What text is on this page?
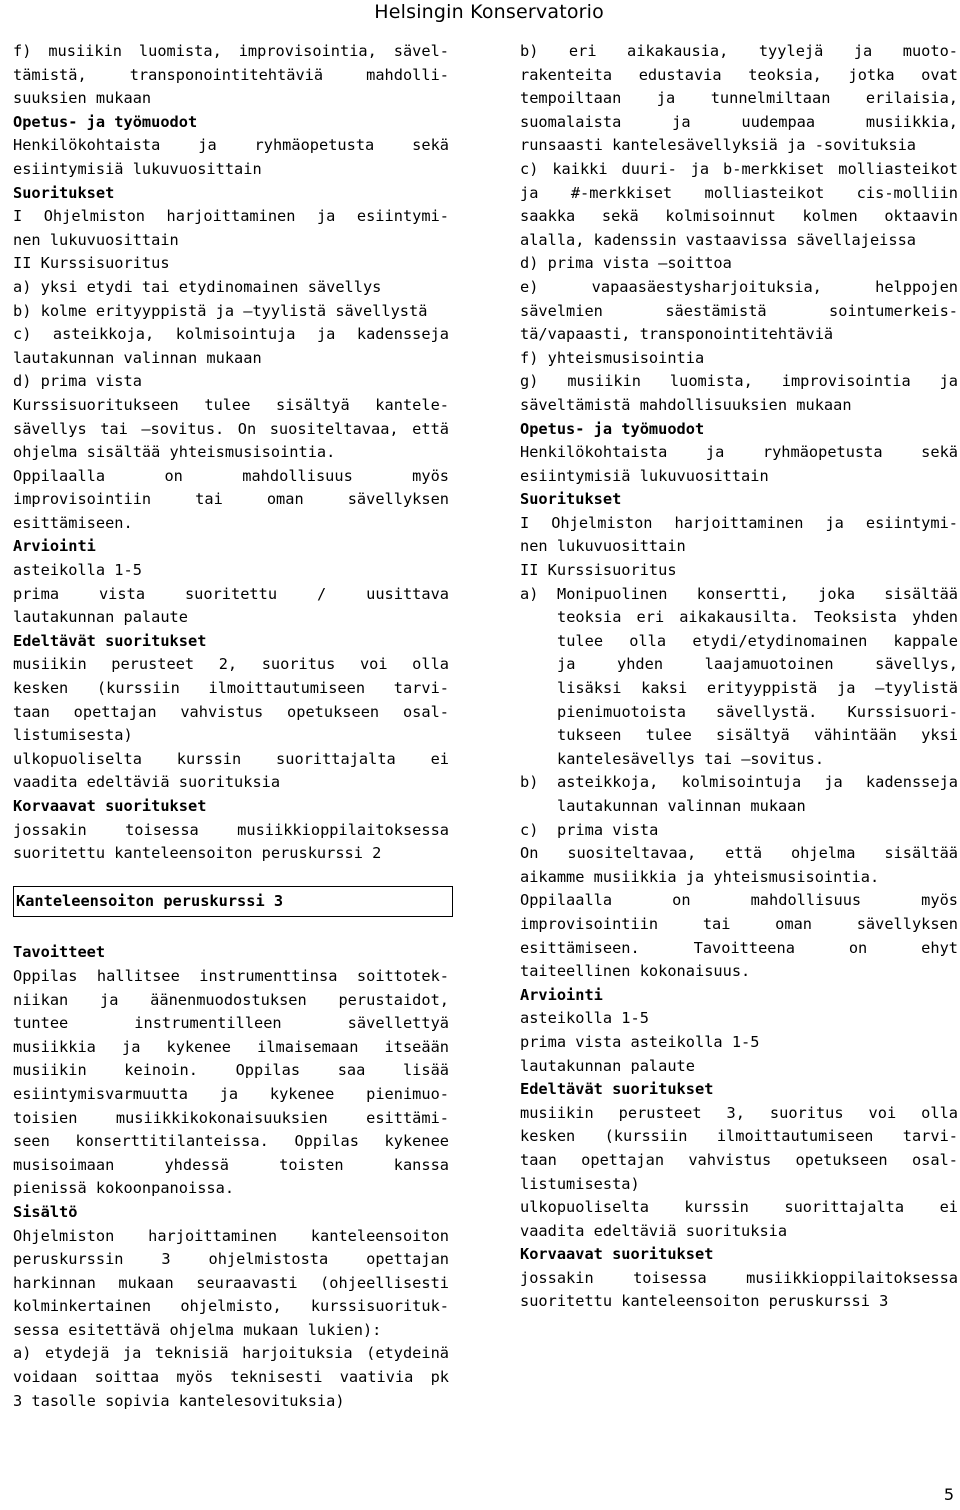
Helsingin Konservatorio
f) musiikin luomista, improvisointia, sävel-
tämistä, transponointitehtäviä mahdolli-
suuksien mukaan
Opetus- ja työmuodot
Henkilökohtaista ja ryhmäopetusta sekä
esiintymisiä lukuvuosittain
Suoritukset
I Ohjelmiston harjoittaminen ja esiintymi-
nen lukuvuosittain
II Kurssisuoritus
a) yksi etydi tai etydinomainen sävellys
b) kolme erityyppistä ja –tyylistä sävellystä
c) asteikkoja, kolmisointuja ja kadensseja
lautakunnan valinnan mukaan
d) prima vista
Kurssisuoritukseen tulee sisältyä kantele-
sävellys tai –sovitus. On suositeltavaa, että
ohjelma sisältää yhteismusisointia.
Oppilaalla on mahdollisuus myös
improvisointiin tai oman sävellyksen
esittämiseen.
Arviointi
asteikolla 1-5
prima vista suoritettu / uusittava
lautakunnan palaute
Edeltävät suoritukset
musiikin perusteet 2, suoritus voi olla
kesken (kurssiin ilmoittautumiseen tarvi-
taan opettajan vahvistus opetukseen osal-
listumisesta)
ulkopuoliselta kurssin suorittajalta ei
vaadita edeltäviä suorituksia
Korvaavat suoritukset
jossakin toisessa musiikkioppilaitoksessa
suoritettu kanteleensoiton peruskurssi 2
Kanteleensoiton peruskurssi 3
Tavoitteet
Oppilas hallitsee instrumenttinsa soittotek-
niikan ja äänenmuodostuksen perustaidot,
tuntee instrumentilleen sävellettyä
musiikkia ja kykenee ilmaisemaan itseään
musiikin keinoin. Oppilas saa lisää
esiintymisvarmuutta ja kykenee pienimuo-
toisien musiikkikokonaisuuksien esittämi-
seen konserttitilanteissa. Oppilas kykenee
musisoimaan yhdessä toisten kanssa
pienissä kokoonpanoissa.
Sisältö
Ohjelmiston harjoittaminen kanteleensoiton
peruskurssin 3 ohjelmistosta opettajan
harkinnan mukaan seuraavasti (ohjeellisesti
kolminkertainen ohjelmisto, kurssisuorituk-
sessa esitettävä ohjelma mukaan lukien):
a) etydejä ja teknisiä harjoituksia (etydeinä
voidaan soittaa myös teknisesti vaativia pk
3 tasolle sopivia kantelesovituksia)
b) eri aikakausia, tyylejä ja muoto-
rakenteita edustavia teoksia, jotka ovat
tempoiltaan ja tunnelmiltaan erilaisia,
suomalaista ja uudempaa musiikkia,
runsaasti kantelesävellyksiä ja -sovituksia
c) kaikki duuri- ja b-merkkiset molliasteikot
ja #-merkkiset molliasteikot cis-molliin
saakka sekä kolmisoinnut kolmen oktaavin
alalla, kadenssin vastaavissa sävellajeissa
d) prima vista –soittoa
e) vapaasäestysharjoituksia, helppojen
sävelmien säestämistä sointumerkeis-
tä/vapaasti, transponointitehtäviä
f) yhteismusisointia
g) musiikin luomista, improvisointia ja
säveltämistä mahdollisuuksien mukaan
Opetus- ja työmuodot
Henkilökohtaista ja ryhmäopetusta sekä
esiintymisiä lukuvuosittain
Suoritukset
I Ohjelmiston harjoittaminen ja esiintymi-
nen lukuvuosittain
II Kurssisuoritus
a)	Monipuolinen konsertti, joka sisältää
teoksia eri aikakausilta. Teoksista yhden
tulee olla etydi/etydinomainen kappale
ja yhden laajamuotoinen sävellys,
lisäksi kaksi erityyppistä ja –tyylistä
pienimuotoista sävellystä. Kurssisuori-
tukseen tulee sisältyä vähintään yksi
kantelesävellys tai –sovitus.
b)	asteikkoja, kolmisointuja ja kadensseja
lautakunnan valinnan mukaan
c)	prima vista
On suositeltavaa, että ohjelma sisältää
aikamme musiikkia ja yhteismusisointia.
Oppilaalla on mahdollisuus myös
improvisointiin tai oman sävellyksen
esittämiseen. Tavoitteena on ehyt
taiteellinen kokonaisuus.
Arviointi
asteikolla 1-5
prima vista asteikolla 1-5
lautakunnan palaute
Edeltävät suoritukset
musiikin perusteet 3, suoritus voi olla
kesken (kurssiin ilmoittautumiseen tarvi-
taan opettajan vahvistus opetukseen osal-
listumisesta)
ulkopuoliselta kurssin suorittajalta ei
vaadita edeltäviä suorituksia
Korvaavat suoritukset
jossakin toisessa musiikkioppilaitoksessa
suoritettu kanteleensoiton peruskurssi 3
5
